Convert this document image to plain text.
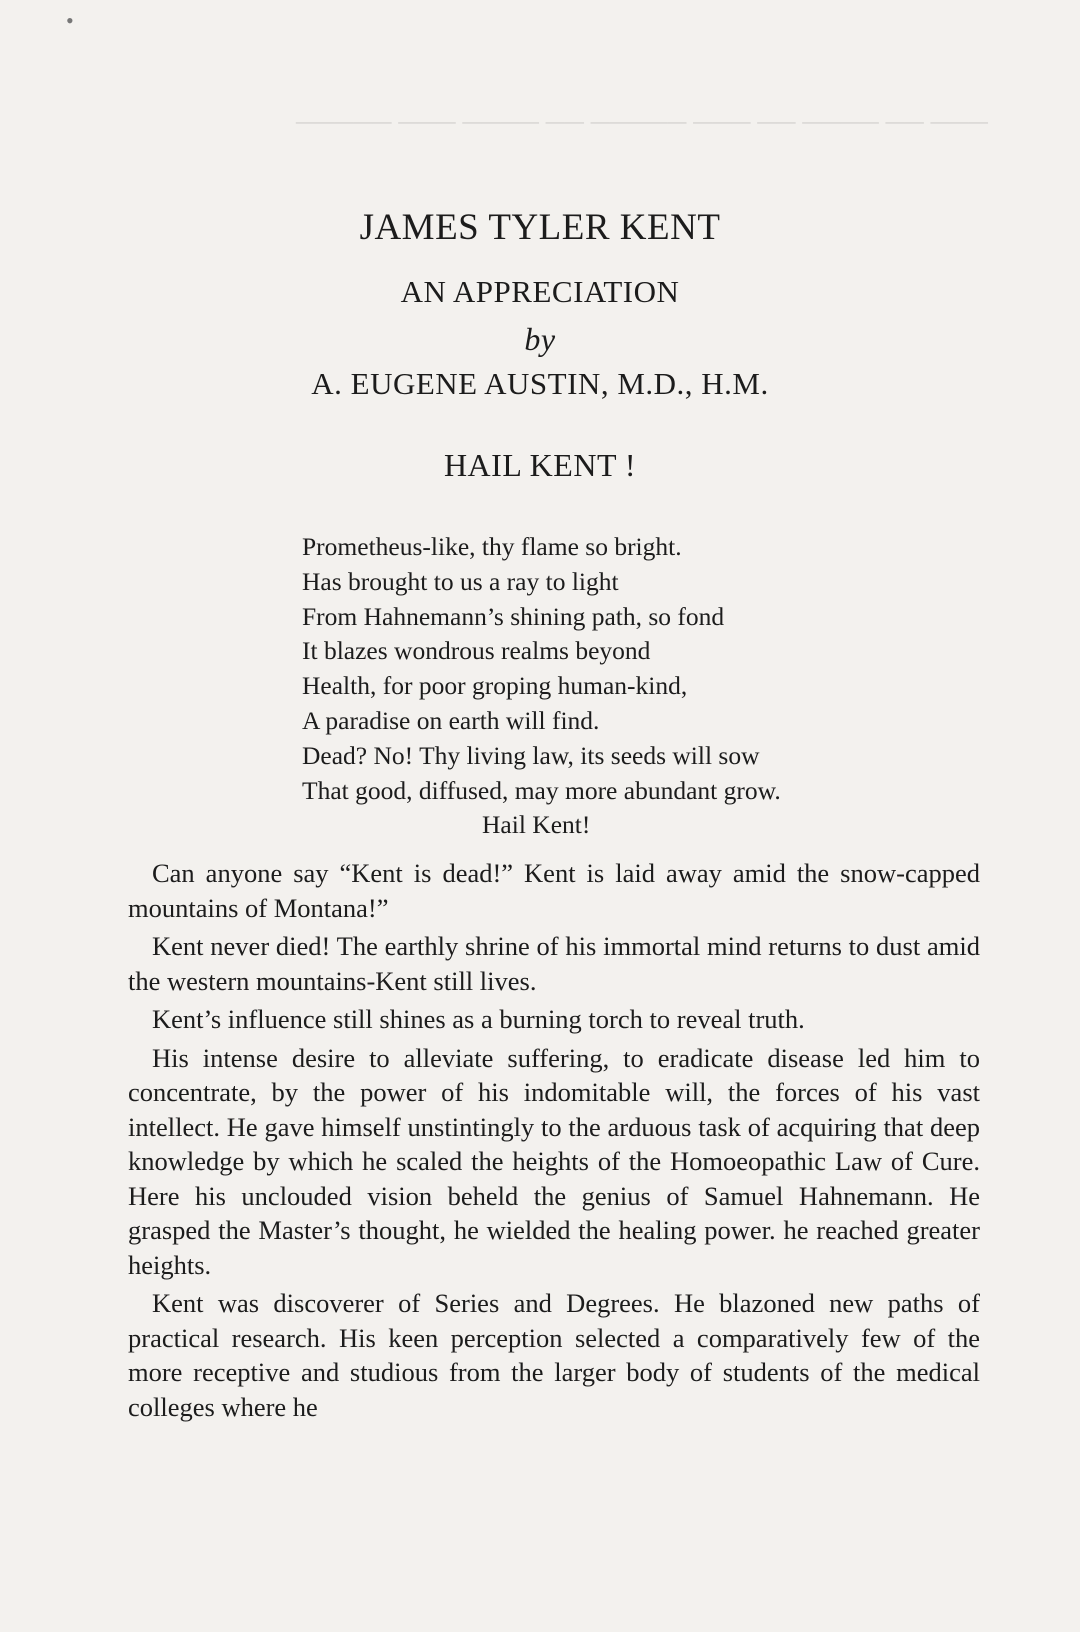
─── ── ──── ── ─── ───── ── ──── ─── ─────

•
JAMES TYLER KENT
AN APPRECIATION
by
A. EUGENE AUSTIN, M.D., H.M.
HAIL KENT !
Prometheus-like, thy flame so bright.
Has brought to us a ray to light
From Hahnemann’s shining path, so fond
It blazes wondrous realms beyond
Health, for poor groping human-kind,
A paradise on earth will find.
Dead? No! Thy living law, its seeds will sow
That good, diffused, may more abundant grow.
Hail Kent!

Can anyone say “Kent is dead!” Kent is laid away amid the snow-capped mountains of Montana!”

Kent never died! The earthly shrine of his immortal mind returns to dust amid the western mountains-Kent still lives.

Kent’s influence still shines as a burning torch to reveal truth.

His intense desire to alleviate suffering, to eradicate disease led him to concentrate, by the power of his indomitable will, the forces of his vast intellect. He gave himself unstintingly to the arduous task of acquiring that deep knowledge by which he scaled the heights of the Homoeopathic Law of Cure. Here his unclouded vision beheld the genius of Samuel Hahnemann. He grasped the Master’s thought, he wielded the healing power. he reached greater heights.

Kent was discoverer of Series and Degrees. He blazoned new paths of practical research. His keen perception selected a comparatively few of the more receptive and studious from the larger body of students of the medical colleges where he
